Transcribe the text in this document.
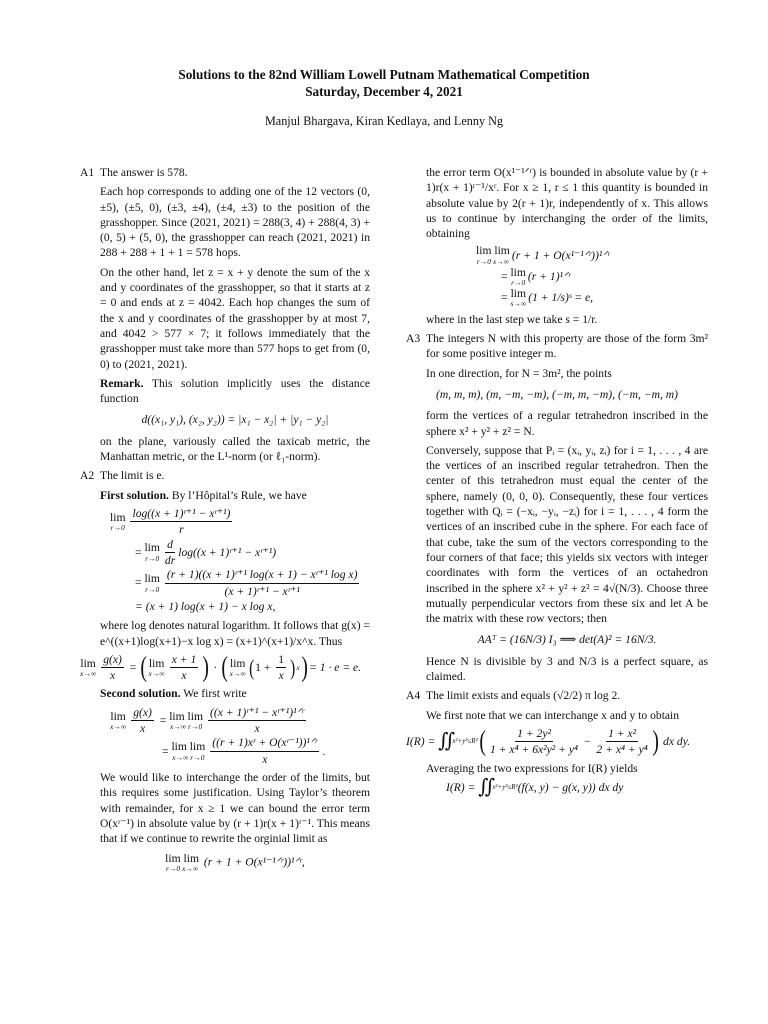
Solutions to the 82nd William Lowell Putnam Mathematical Competition
Saturday, December 4, 2021
Manjul Bhargava, Kiran Kedlaya, and Lenny Ng
A1 The answer is 578.

Each hop corresponds to adding one of the 12 vectors (0, ±5), (±5, 0), (±3, ±4), (±4, ±3) to the position of the grasshopper. Since (2021, 2021) = 288(3, 4) + 288(4, 3) + (0, 5) + (5, 0), the grasshopper can reach (2021, 2021) in 288 + 288 + 1 + 1 = 578 hops.

On the other hand, let z = x + y denote the sum of the x and y coordinates of the grasshopper, so that it starts at z = 0 and ends at z = 4042. Each hop changes the sum of the x and y coordinates of the grasshopper by at most 7, and 4042 > 577 × 7; it follows immediately that the grasshopper must take more than 577 hops to get from (0, 0) to (2021, 2021).

Remark. This solution implicitly uses the distance function

d((x₁, y₁), (x₂, y₂)) = |x₁ − x₂| + |y₁ − y₂|

on the plane, variously called the taxicab metric, the Manhattan metric, or the L¹-norm (or ℓ₁-norm).

A2 The limit is e.

First solution. By l’Hôpital’s Rule, we have

lim
$r\to 0 \frac{\text{log((x + 1)ʳ⁺¹ − xʳ⁺¹)}}{r}$
= lim
$r\to 0 \frac{d}{dr} \log((x$ + 1)ʳ⁺¹ − xʳ⁺¹)
= lim
$r\to 0 \frac{\text{(r + 1)((x + 1)ʳ⁺¹ log(x + 1) − xʳ⁺¹ log x)}}{\text{(x + 1)ʳ⁺¹ − xʳ⁺¹}}$
= (x + 1) log(x + 1) − x log x,

where log denotes natural logarithm. It follows that g(x) = e^((x+1)log(x+1)−x log x) = (x+1)^(x+1)/x^x. Thus

lim
$x\to\infty \frac{g(x)}{x}$ = ( lim
$x\to\infty \frac{x + 1}{x}$ ) · ( lim
x→∞ ( $1 + \frac{1}{x}$ ) x ) = 1 · e = e.

Second solution. We first write

lim
$x\to\infty \frac{g(x)}{x} = \lim \lim$
x→∞ $r\to 0 \frac{\text{((x + 1)ʳ⁺¹ − xʳ⁺¹)¹ᐟʳ}}{x}$
= lim lim
x→∞ $r\to 0 \frac{\text{((r + 1)xʳ + O(xʳ⁻¹))¹ᐟʳ}}{x}$ .

We would like to interchange the order of the limits, but this requires some justification. Using Taylor’s theorem with remainder, for x ≥ 1 we can bound the error term O(xʳ⁻¹) in absolute value by (r + 1)r(x + 1)ʳ⁻¹. This means that if we continue to rewrite the orginial limit as

lim lim
r→0 x→∞
(r + 1 + O(x¹⁻¹ᐟʳ))¹ᐟʳ,

the error term O(x¹⁻¹ᐟʳ) is bounded in absolute value by (r + 1)r(x + 1)ʳ⁻¹/xʳ. For x ≥ 1, r ≤ 1 this quantity is bounded in absolute value by 2(r + 1)r, independently of x. This allows us to continue by interchanging the order of the limits, obtaining

lim lim
r→0 x→∞ (r + 1 + O(x¹⁻¹ᐟʳ))¹ᐟʳ
= lim
r→0 (r + 1)¹ᐟʳ
= lim
s→∞ (1 + 1/s)ˢ = e,

where in the last step we take s = 1/r.

A3 The integers N with this property are those of the form 3m² for some positive integer m.

In one direction, for N = 3m², the points

(m, m, m), (m, −m, −m), (−m, m, −m), (−m, −m, m)

form the vertices of a regular tetrahedron inscribed in the sphere x² + y² + z² = N.

Conversely, suppose that Pᵢ = (xᵢ, yᵢ, zᵢ) for i = 1, . . . , 4 are the vertices of an inscribed regular tetrahedron. Then the center of this tetrahedron must equal the center of the sphere, namely (0, 0, 0). Consequently, these four vertices together with Qᵢ = (−xᵢ, −yᵢ, −zᵢ) for i = 1, . . . , 4 form the vertices of an inscribed cube in the sphere. For each face of that cube, take the sum of the vectors corresponding to the four corners of that face; this yields six vectors with integer coordinates with form the vertices of an octahedron inscribed in the sphere x² + y² + z² = 4√(N/3). Choose three mutually perpendicular vectors from these six and let A be the matrix with these row vectors; then

AAᵀ = (16N/3) I₃ ⟹ det(A)² = 16N/3.

Hence N is divisible by 3 and N/3 is a perfect square, as claimed.

A4 The limit exists and equals (√2/2) π log 2.

We first note that we can interchange x and y to obtain

I(R) = ∬
x²+y²≤R² ( $\frac{\text{1 + 2y²}}{\text{1 + x⁴ + 6x²y² + y⁴}} - \frac{\text{1 + x²}}{\text{2 + x⁴ + y⁴}}$ ) dx dy.

Averaging the two expressions for I(R) yields

I(R) = ∬
x²+y²≤R² (f(x, y) − g(x, y)) dx dy
